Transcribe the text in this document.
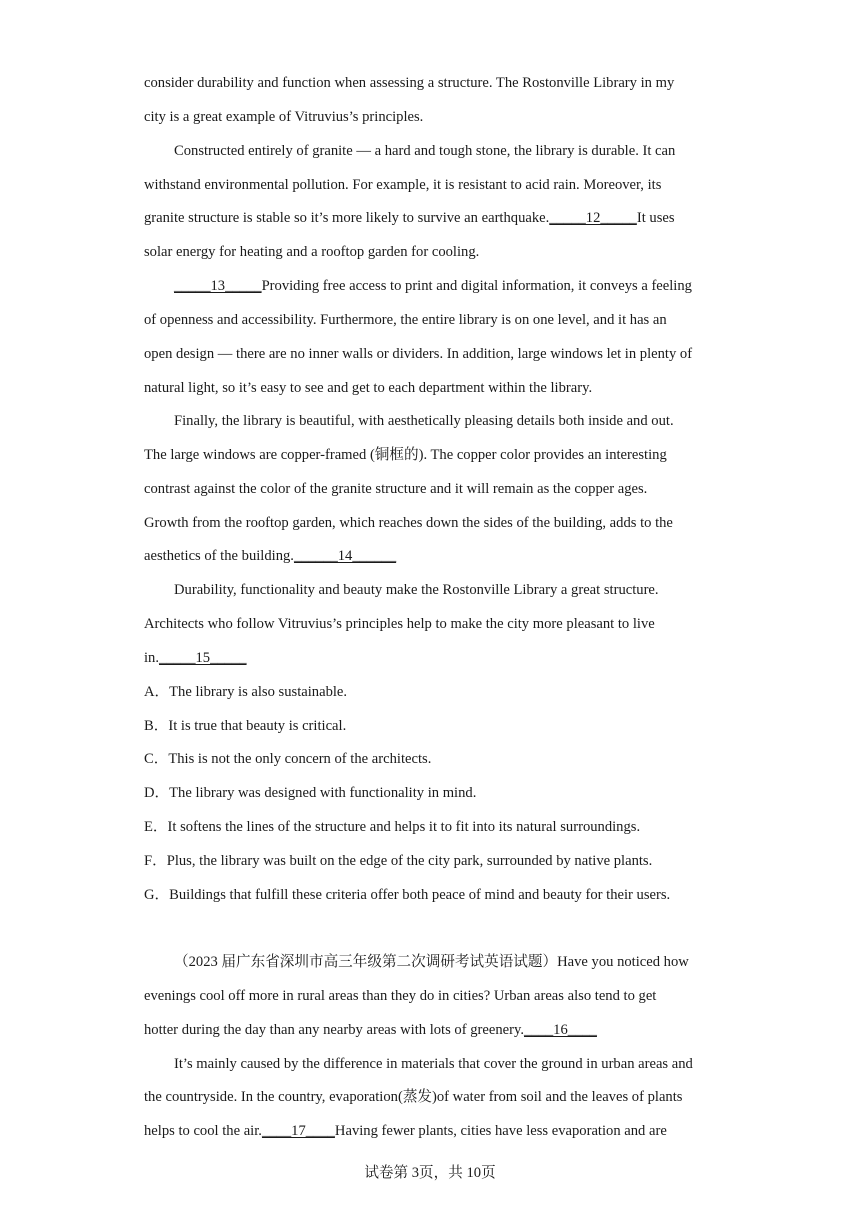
consider durability and function when assessing a structure. The Rostonville Library in my
city is a great example of Vitruvius’s principles.
Constructed entirely of granite — a hard and tough stone, the library is durable. It can
withstand environmental pollution. For example, it is resistant to acid rain. Moreover, its
granite structure is stable so it’s more likely to survive an earthquake._____12_____It uses
solar energy for heating and a rooftop garden for cooling.
_____13_____Providing free access to print and digital information, it conveys a feeling
of openness and accessibility. Furthermore, the entire library is on one level, and it has an
open design — there are no inner walls or dividers. In addition, large windows let in plenty of
natural light, so it’s easy to see and get to each department within the library.
Finally, the library is beautiful, with aesthetically pleasing details both inside and out.
The large windows are copper-framed (铜框的). The copper color provides an interesting
contrast against the color of the granite structure and it will remain as the copper ages.
Growth from the rooftop garden, which reaches down the sides of the building, adds to the
aesthetics of the building.______14______
Durability, functionality and beauty make the Rostonville Library a great structure.
Architects who follow Vitruvius’s principles help to make the city more pleasant to live
in._____15_____
A．The library is also sustainable.
B．It is true that beauty is critical.
C．This is not the only concern of the architects.
D．The library was designed with functionality in mind.
E．It softens the lines of the structure and helps it to fit into its natural surroundings.
F．Plus, the library was built on the edge of the city park, surrounded by native plants.
G．Buildings that fulfill these criteria offer both peace of mind and beauty for their users.
（2023 届广东省深圳市高三年级第二次调研考试英语试题）Have you noticed how
evenings cool off more in rural areas than they do in cities? Urban areas also tend to get
hotter during the day than any nearby areas with lots of greenery.____16____
It’s mainly caused by the difference in materials that cover the ground in urban areas and
the countryside. In the country, evaporation(蒸发)of water from soil and the leaves of plants
helps to cool the air.____17____Having fewer plants, cities have less evaporation and are
试卷第 3页，共 10页
